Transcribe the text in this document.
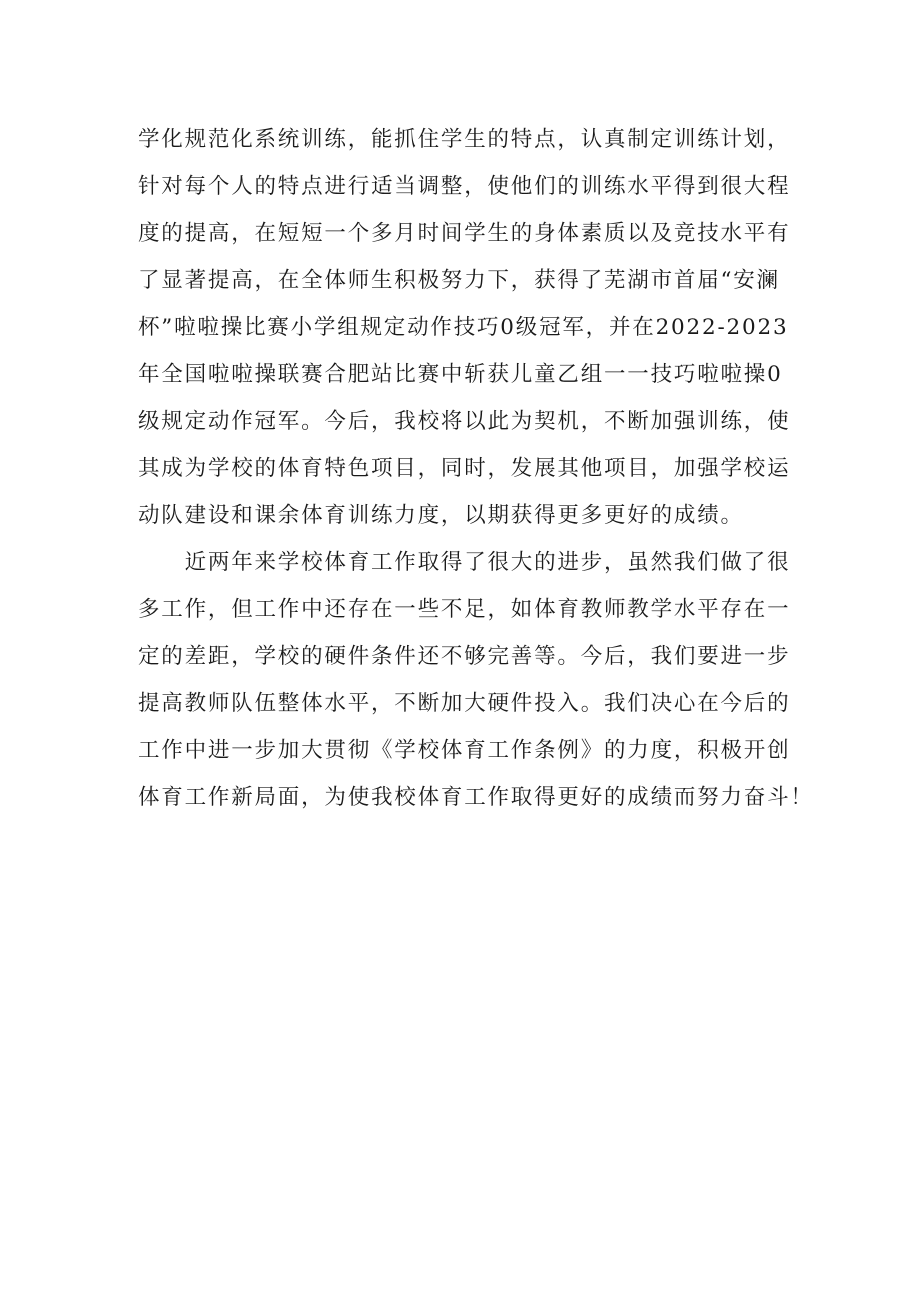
学化规范化系统训练，能抓住学生的特点，认真制定训练计划，
针对每个人的特点进行适当调整，使他们的训练水平得到很大程
度的提高，在短短一个多月时间学生的身体素质以及竞技水平有
了显著提高，在全体师生积极努力下，获得了芜湖市首届“安澜
杯”啦啦操比赛小学组规定动作技巧0级冠军，并在2022-2023
年全国啦啦操联赛合肥站比赛中斩获儿童乙组一一技巧啦啦操0
级规定动作冠军。今后，我校将以此为契机，不断加强训练，使
其成为学校的体育特色项目，同时，发展其他项目，加强学校运
动队建设和课余体育训练力度，以期获得更多更好的成绩。
　　近两年来学校体育工作取得了很大的进步，虽然我们做了很
多工作，但工作中还存在一些不足，如体育教师教学水平存在一
定的差距，学校的硬件条件还不够完善等。今后，我们要进一步
提高教师队伍整体水平，不断加大硬件投入。我们决心在今后的
工作中进一步加大贯彻《学校体育工作条例》的力度，积极开创
体育工作新局面，为使我校体育工作取得更好的成绩而努力奋斗！
